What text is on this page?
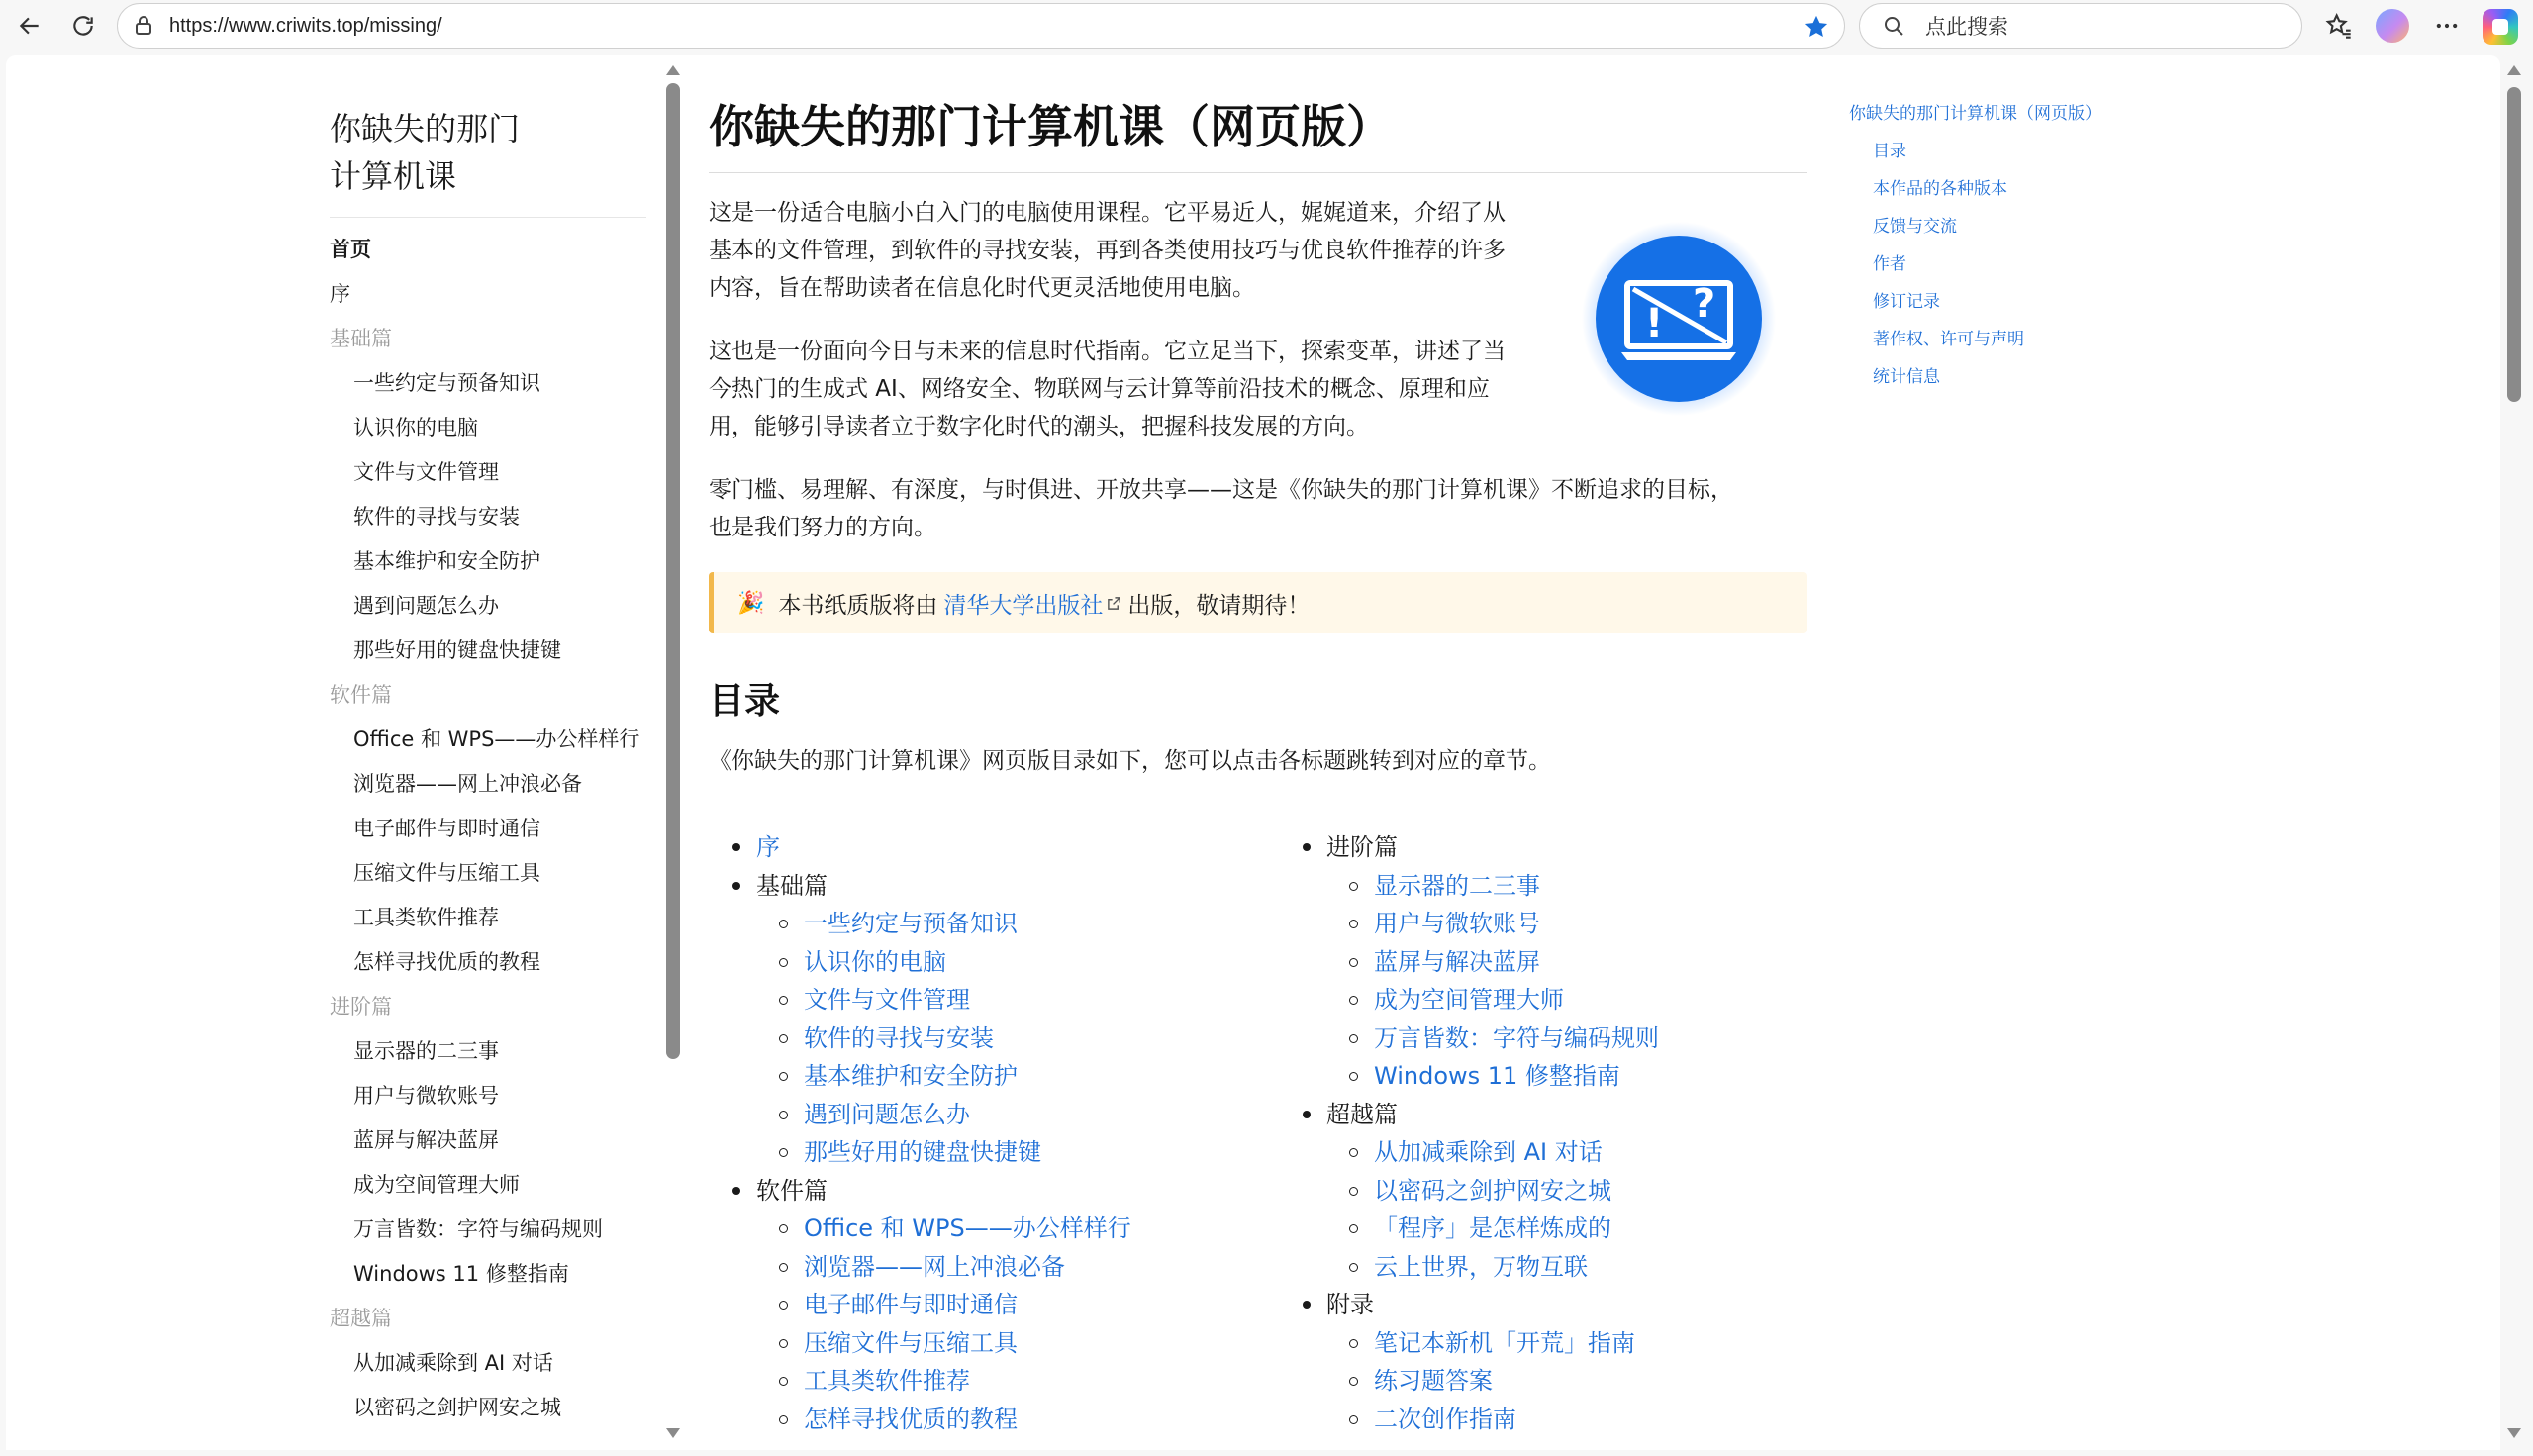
https://www.criwits.top/missing/	点此搜索
你缺失的那门
计算机课
首页
序
基础篇
一些约定与预备知识
认识你的电脑
文件与文件管理
软件的寻找与安装
基本维护和安全防护
遇到问题怎么办
那些好用的键盘快捷键
软件篇
Office 和 WPS——办公样样行
浏览器——网上冲浪必备
电子邮件与即时通信
压缩文件与压缩工具
工具类软件推荐
怎样寻找优质的教程
进阶篇
显示器的二三事
用户与微软账号
蓝屏与解决蓝屏
成为空间管理大师
万言皆数：字符与编码规则
Windows 11 修整指南
超越篇
从加减乘除到 AI 对话
以密码之剑护网安之城
你缺失的那门计算机课（网页版）
这是一份适合电脑小白入门的电脑使用课程。它平易近人，娓娓道来，介绍了从
基本的文件管理，到软件的寻找安装，再到各类使用技巧与优良软件推荐的许多
内容，旨在帮助读者在信息化时代更灵活地使用电脑。
! ?
这也是一份面向今日与未来的信息时代指南。它立足当下，探索变革，讲述了当
今热门的生成式 AI、网络安全、物联网与云计算等前沿技术的概念、原理和应
用，能够引导读者立于数字化时代的潮头，把握科技发展的方向。
零门槛、易理解、有深度，与时俱进、开放共享——这是《你缺失的那门计算机课》不断追求的目标，
也是我们努力的方向。
🎉 本书纸质版将由 清华大学出版社 出版，敬请期待！
目录
《你缺失的那门计算机课》网页版目录如下，您可以点击各标题跳转到对应的章节。
序
基础篇
一些约定与预备知识
认识你的电脑
文件与文件管理
软件的寻找与安装
基本维护和安全防护
遇到问题怎么办
那些好用的键盘快捷键
软件篇
Office 和 WPS——办公样样行
浏览器——网上冲浪必备
电子邮件与即时通信
压缩文件与压缩工具
工具类软件推荐
怎样寻找优质的教程
进阶篇
显示器的二三事
用户与微软账号
蓝屏与解决蓝屏
成为空间管理大师
万言皆数：字符与编码规则
Windows 11 修整指南
超越篇
从加减乘除到 AI 对话
以密码之剑护网安之城
「程序」是怎样炼成的
云上世界，万物互联
附录
笔记本新机「开荒」指南
练习题答案
二次创作指南
你缺失的那门计算机课（网页版）
目录
本作品的各种版本
反馈与交流
作者
修订记录
著作权、许可与声明
统计信息
